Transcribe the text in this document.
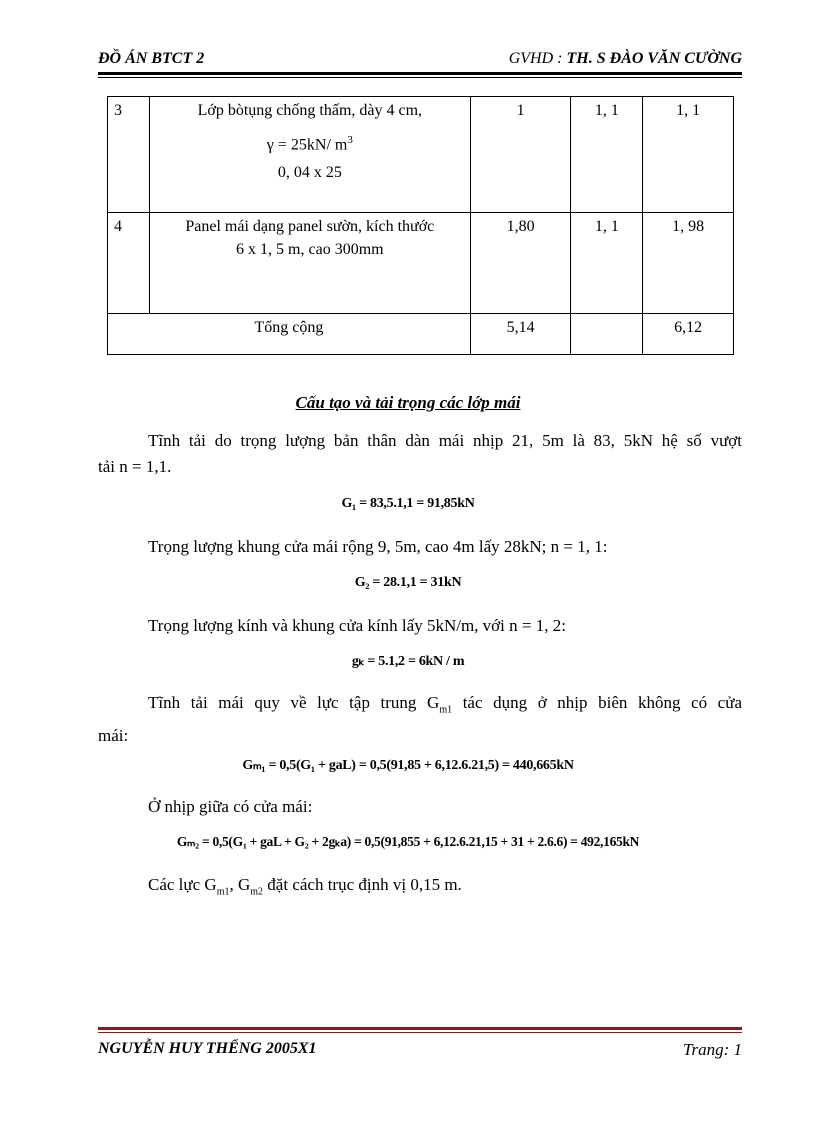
ĐỒ ÁN BTCT 2	GVHD : TH. S ĐÀO VĂN CƯỜNG
3	Lớp bòtụng chống thấm, dày 4 cm,
γ = 25kN/ $m^3$
0, 04 x 25	1	1, 1	1, 1
4	Panel mái dạng panel sườn, kích thước
6 x 1, 5 m, cao 300mm	1,80	1, 1	1, 98
Tổng cộng		5,14		6,12
Cấu tạo và tải trọng các lớp mái
Tĩnh tải do trọng lượng bản thân dàn mái nhịp 21, 5m là 83, 5kN hệ số vượt
tải n = 1,1.
G₁ = 83,5.1,1 = 91,85kN
Trọng lượng khung cửa mái rộng 9, 5m, cao 4m lấy 28kN; n = 1, 1:
G₂ = 28.1,1 = 31kN
Trọng lượng kính và khung cửa kính lấy 5kN/m, với n = 1, 2:
gₖ = 5.1,2 = 6kN / m
Tĩnh tải mái quy về lực tập trung $G_{m1}$ tác dụng ở nhịp biên không có cửa
mái:
Gₘ₁ = 0,5(G₁ + gaL) = 0,5(91,85 + 6,12.6.21,5) = 440,665kN
Ở nhịp giữa có cửa mái:
Gₘ₂ = 0,5(G₁ + gaL + G₂ + 2gₖa) = 0,5(91,855 + 6,12.6.21,15 + 31 + 2.6.6) = 492,165kN
Các lực $G_{m1}$, $G_{m2}$ đặt cách trục định vị 0,15 m.
NGUYỄN HUY THỂNG 2005X1	Trang: 1
